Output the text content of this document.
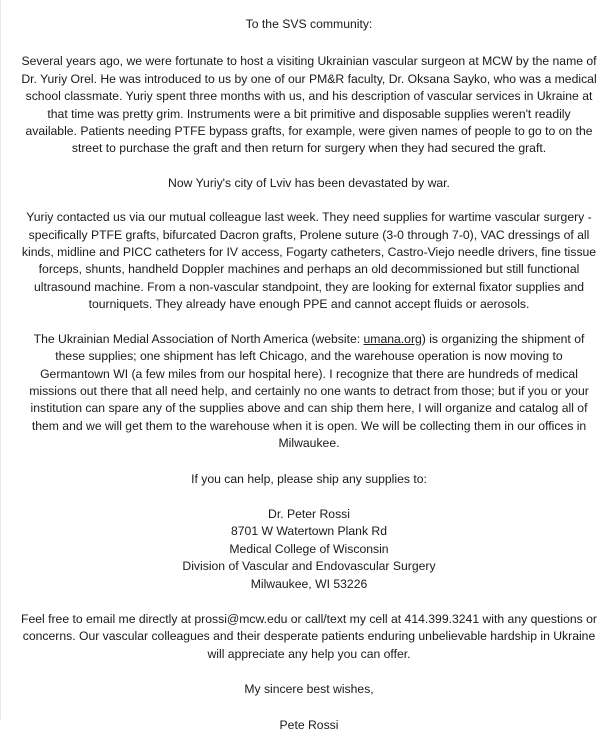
To the SVS community:

Several years ago, we were fortunate to host a visiting Ukrainian vascular surgeon at MCW by the name of Dr. Yuriy Orel. He was introduced to us by one of our PM&R faculty, Dr. Oksana Sayko, who was a medical school classmate. Yuriy spent three months with us, and his description of vascular services in Ukraine at that time was pretty grim. Instruments were a bit primitive and disposable supplies weren't readily available. Patients needing PTFE bypass grafts, for example, were given names of people to go to on the street to purchase the graft and then return for surgery when they had secured the graft.

Now Yuriy's city of Lviv has been devastated by war.

Yuriy contacted us via our mutual colleague last week. They need supplies for wartime vascular surgery - specifically PTFE grafts, bifurcated Dacron grafts, Prolene suture (3-0 through 7-0), VAC dressings of all kinds, midline and PICC catheters for IV access, Fogarty catheters, Castro-Viejo needle drivers, fine tissue forceps, shunts, handheld Doppler machines and perhaps an old decommissioned but still functional ultrasound machine. From a non-vascular standpoint, they are looking for external fixator supplies and tourniquets. They already have enough PPE and cannot accept fluids or aerosols.

The Ukrainian Medial Association of North America (website: umana.org) is organizing the shipment of these supplies; one shipment has left Chicago, and the warehouse operation is now moving to Germantown WI (a few miles from our hospital here). I recognize that there are hundreds of medical missions out there that all need help, and certainly no one wants to detract from those; but if you or your institution can spare any of the supplies above and can ship them here, I will organize and catalog all of them and we will get them to the warehouse when it is open. We will be collecting them in our offices in Milwaukee.

If you can help, please ship any supplies to:

Dr. Peter Rossi

8701 W Watertown Plank Rd

Medical College of Wisconsin

Division of Vascular and Endovascular Surgery

Milwaukee, WI 53226

Feel free to email me directly at prossi@mcw.edu or call/text my cell at 414.399.3241 with any questions or concerns. Our vascular colleagues and their desperate patients enduring unbelievable hardship in Ukraine will appreciate any help you can offer.

My sincere best wishes,

Pete Rossi
